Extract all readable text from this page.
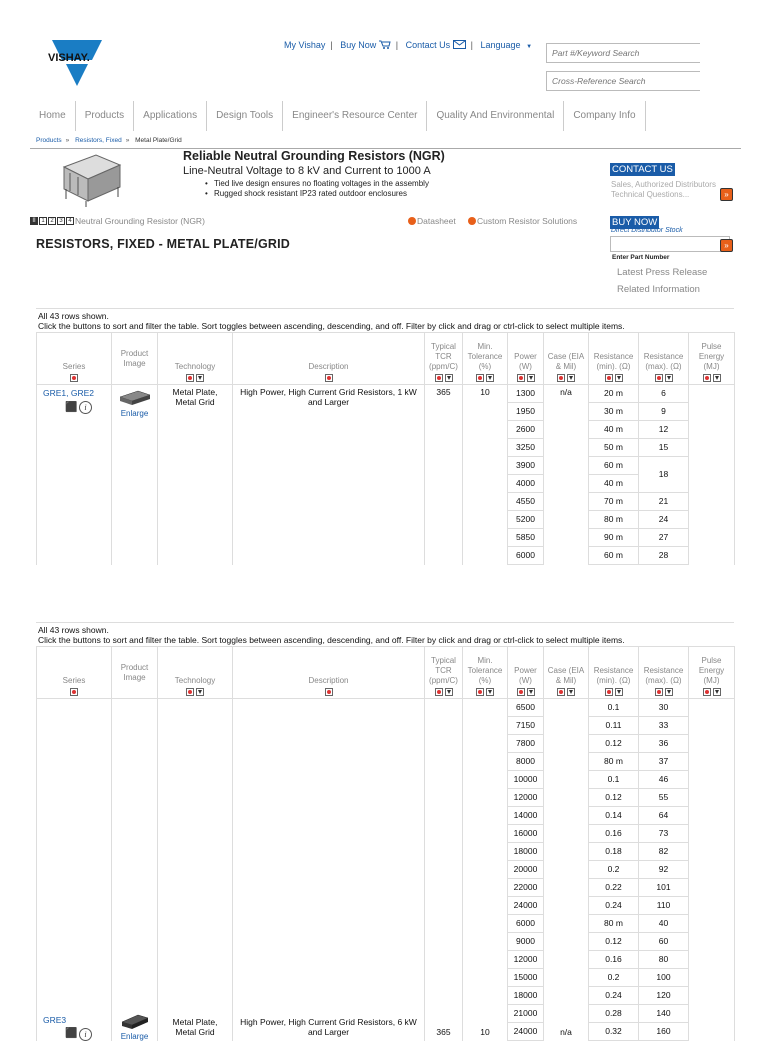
VISHAY.
My Vishay | Buy Now | Contact Us | Language ▼
Part #/Keyword Search
Cross-Reference Search
Home	Products	Applications	Design Tools	Engineer's Resource Center	Quality And Environmental	Company Info
Products » Resistors, Fixed » Metal Plate/Grid
Reliable Neutral Grounding Resistors (NGR)
Line-Neutral Voltage to 8 kV and Current to 1000 A
• Tied live design ensures no floating voltages in the assembly
• Rugged shock resistant IP23 rated outdoor enclosures
II 1 2 3 4 Neutral Grounding Resistor (NGR)	Datasheet	Custom Resistor Solutions
RESISTORS, FIXED - METAL PLATE/GRID
CONTACT US
Sales, Authorized Distributors
Technical Questions...	»
BUY NOW
Direct Distributor Stock
»
Enter Part Number
Latest Press Release
Related Information
All 43 rows shown.
Click the buttons to sort and filter the table. Sort toggles between ascending, descending, and off. Filter by click and drag or ctrl-click to select multiple items.
Series	Product Image	Technology	Description	Typical TCR (ppm/C)	Min. Tolerance (%)	Power (W)	Case (EIA & Mil)	Resistance (min). (Ω)	Resistance (max). (Ω)	Pulse Energy (MJ)

GRE1, GRE2
⬛ i	Enlarge	Metal Plate, Metal Grid	High Power, High Current Grid Resistors, 1 kW and Larger	365	10	1300	n/a	20 m	6	
						1950		30 m	9	
						2600		40 m	12	
						3250		50 m	15	
						3900		60 m	18	
						4000		40 m		
						4550		70 m	21	
						5200		80 m	24	
						5850		90 m	27	
						6000		60 m	28	
All 43 rows shown.
Click the buttons to sort and filter the table. Sort toggles between ascending, descending, and off. Filter by click and drag or ctrl-click to select multiple items.
Series	Product Image	Technology	Description	Typical TCR (ppm/C)	Min. Tolerance (%)	Power (W)	Case (EIA & Mil)	Resistance (min). (Ω)	Resistance (max). (Ω)	Pulse Energy (MJ)

						6500		0.1	30	
						7150		0.11	33	
						7800		0.12	36	
						8000		80 m	37	
						10000		0.1	46	
						12000		0.12	55	
						14000		0.14	64	
						16000		0.16	73	
						18000		0.18	82	
						20000		0.2	92	
						22000		0.22	101	
						24000		0.24	110	

GRE3
⬛ i	Enlarge	Metal Plate, Metal Grid	High Power, High Current Grid Resistors, 6 kW and Larger	365	10	6000	n/a	80 m	40	
						9000		0.12	60	
						12000		0.16	80	
						15000		0.2	100	
						18000		0.24	120	
						21000		0.28	140	
						24000		0.32	160	
